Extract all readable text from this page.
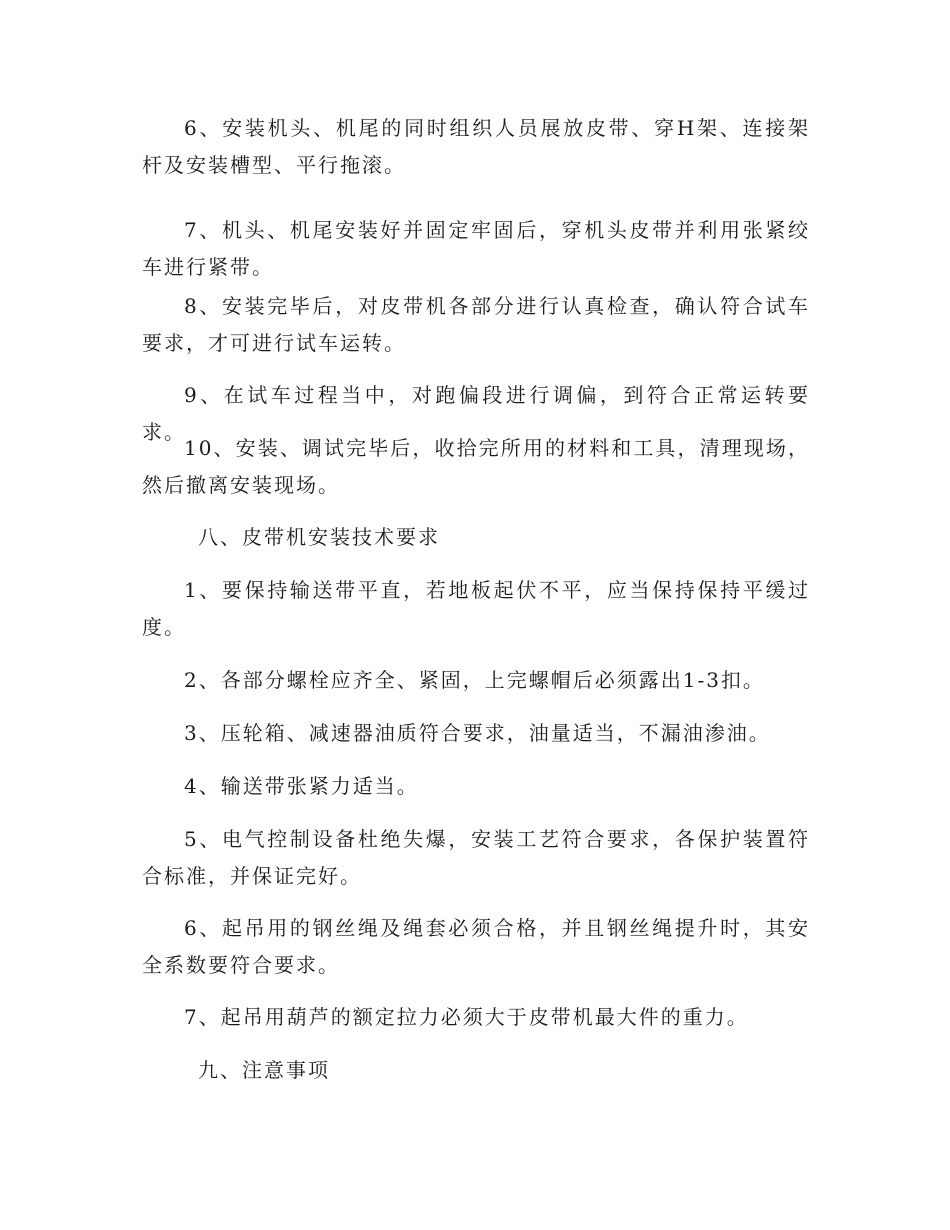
6、安装机头、机尾的同时组织人员展放皮带、穿H架、连接架杆及安装槽型、平行拖滚。

7、机头、机尾安装好并固定牢固后，穿机头皮带并利用张紧绞车进行紧带。

8、安装完毕后，对皮带机各部分进行认真检查，确认符合试车要求，才可进行试车运转。

9、在试车过程当中，对跑偏段进行调偏，到符合正常运转要求。

10、安装、调试完毕后，收拾完所用的材料和工具，清理现场，然后撤离安装现场。

八、皮带机安装技术要求

1、要保持输送带平直，若地板起伏不平，应当保持保持平缓过度。

2、各部分螺栓应齐全、紧固，上完螺帽后必须露出1-3扣。

3、压轮箱、减速器油质符合要求，油量适当，不漏油渗油。

4、输送带张紧力适当。

5、电气控制设备杜绝失爆，安装工艺符合要求，各保护装置符合标准，并保证完好。

6、起吊用的钢丝绳及绳套必须合格，并且钢丝绳提升时，其安全系数要符合要求。

7、起吊用葫芦的额定拉力必须大于皮带机最大件的重力。

九、注意事项
